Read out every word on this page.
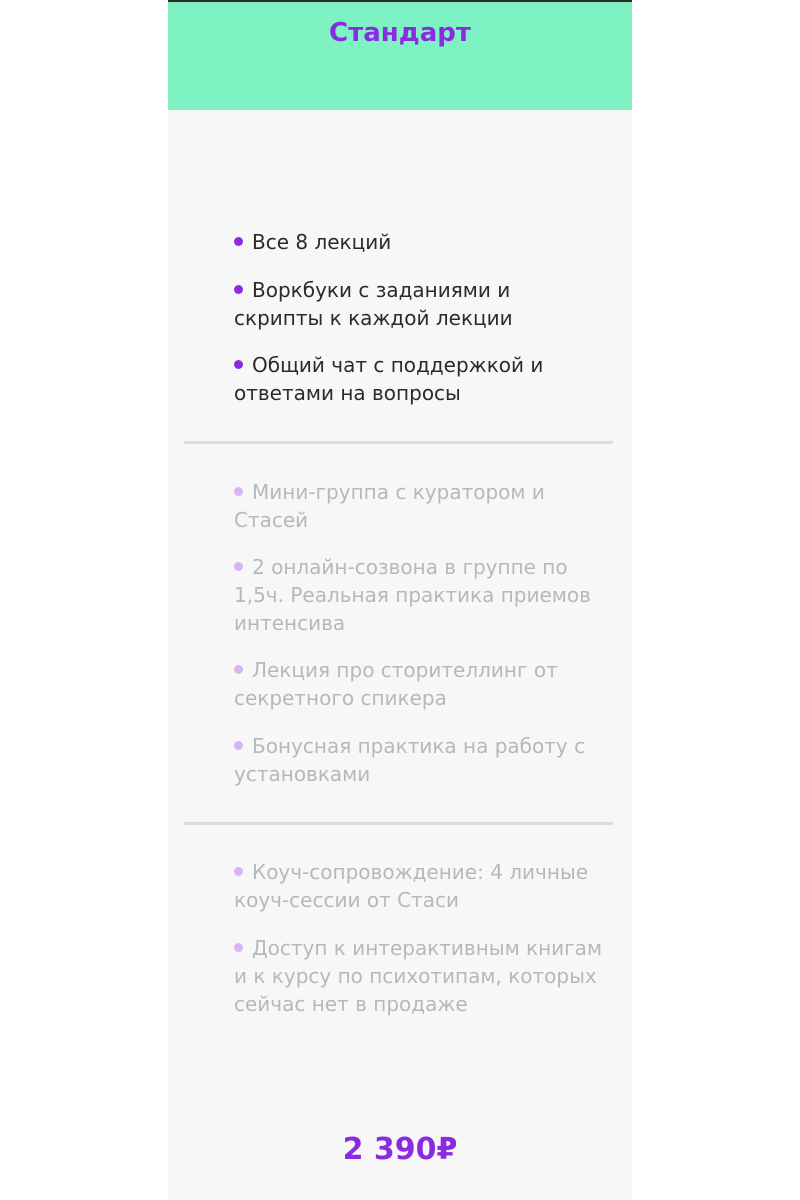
Стандарт
Все 8 лекций
Воркбуки с заданиями и скрипты к каждой лекции
Общий чат с поддержкой и ответами на вопросы
Мини-группа с куратором и Стасей
2 онлайн-созвона в группе по 1,5ч. Реальная практика приемов интенсива
Лекция про сторителлинг от секретного спикера
Бонусная практика на работу с установками
Коуч-сопровождение: 4 личные коуч-сессии от Стаси
Доступ к интерактивным книгам и к курсу по психотипам, которых сейчас нет в продаже
2 390₽
